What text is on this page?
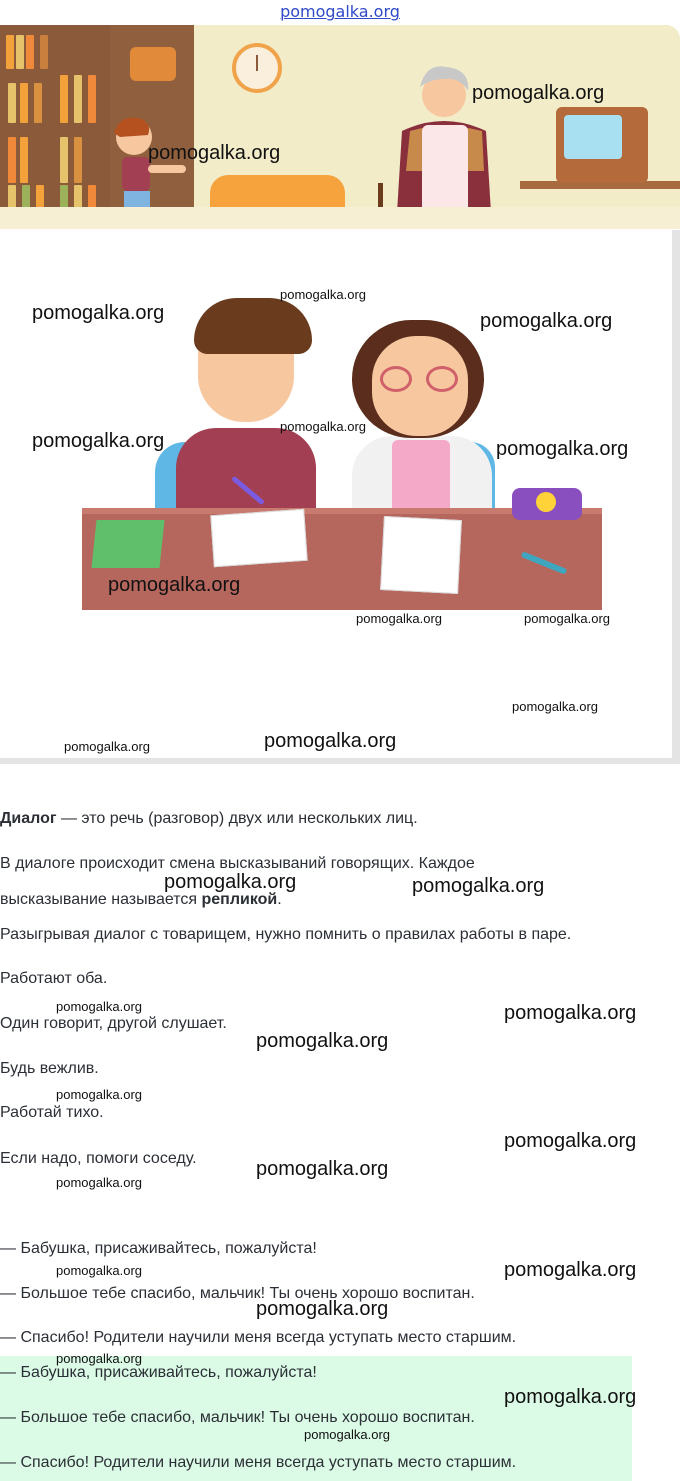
pomogalka.org
pomogalka.org
pomogalka.org
pomogalka.org	pomogalka.org
pomogalka.org	pomogalka.org
pomogalka.org
pomogalka.org
pomogalka.org
pomogalka.org
pomogalka.org	pomogalka.org
pomogalka.org
pomogalka.org
Диалог — это речь (разговор) двух или нескольких лиц.
В диалоге происходит смена высказываний говорящих. Каждое
высказывание называется репликой.
Разыгрывая диалог с товарищем, нужно помнить о правилах работы в паре.
Работают оба.
Один говорит, другой слушает.
Будь вежлив.
Работай тихо.
Если надо, помоги соседу.
— Бабушка, присаживайтесь, пожалуйста!
— Большое тебе спасибо, мальчик! Ты очень хорошо воспитан.
— Спасибо! Родители научили меня всегда уступать место старшим.
— Бабушка, присаживайтесь, пожалуйста!
— Большое тебе спасибо, мальчик! Ты очень хорошо воспитан.
— Спасибо! Родители научили меня всегда уступать место старшим.
pomogalka.org	pomogalka.org
pomogalka.org
pomogalka.org
pomogalka.org
pomogalka.org
pomogalka.org
pomogalka.org
pomogalka.org
pomogalka.org
pomogalka.org
pomogalka.org
pomogalka.org
pomogalka.org
pomogalka.org
